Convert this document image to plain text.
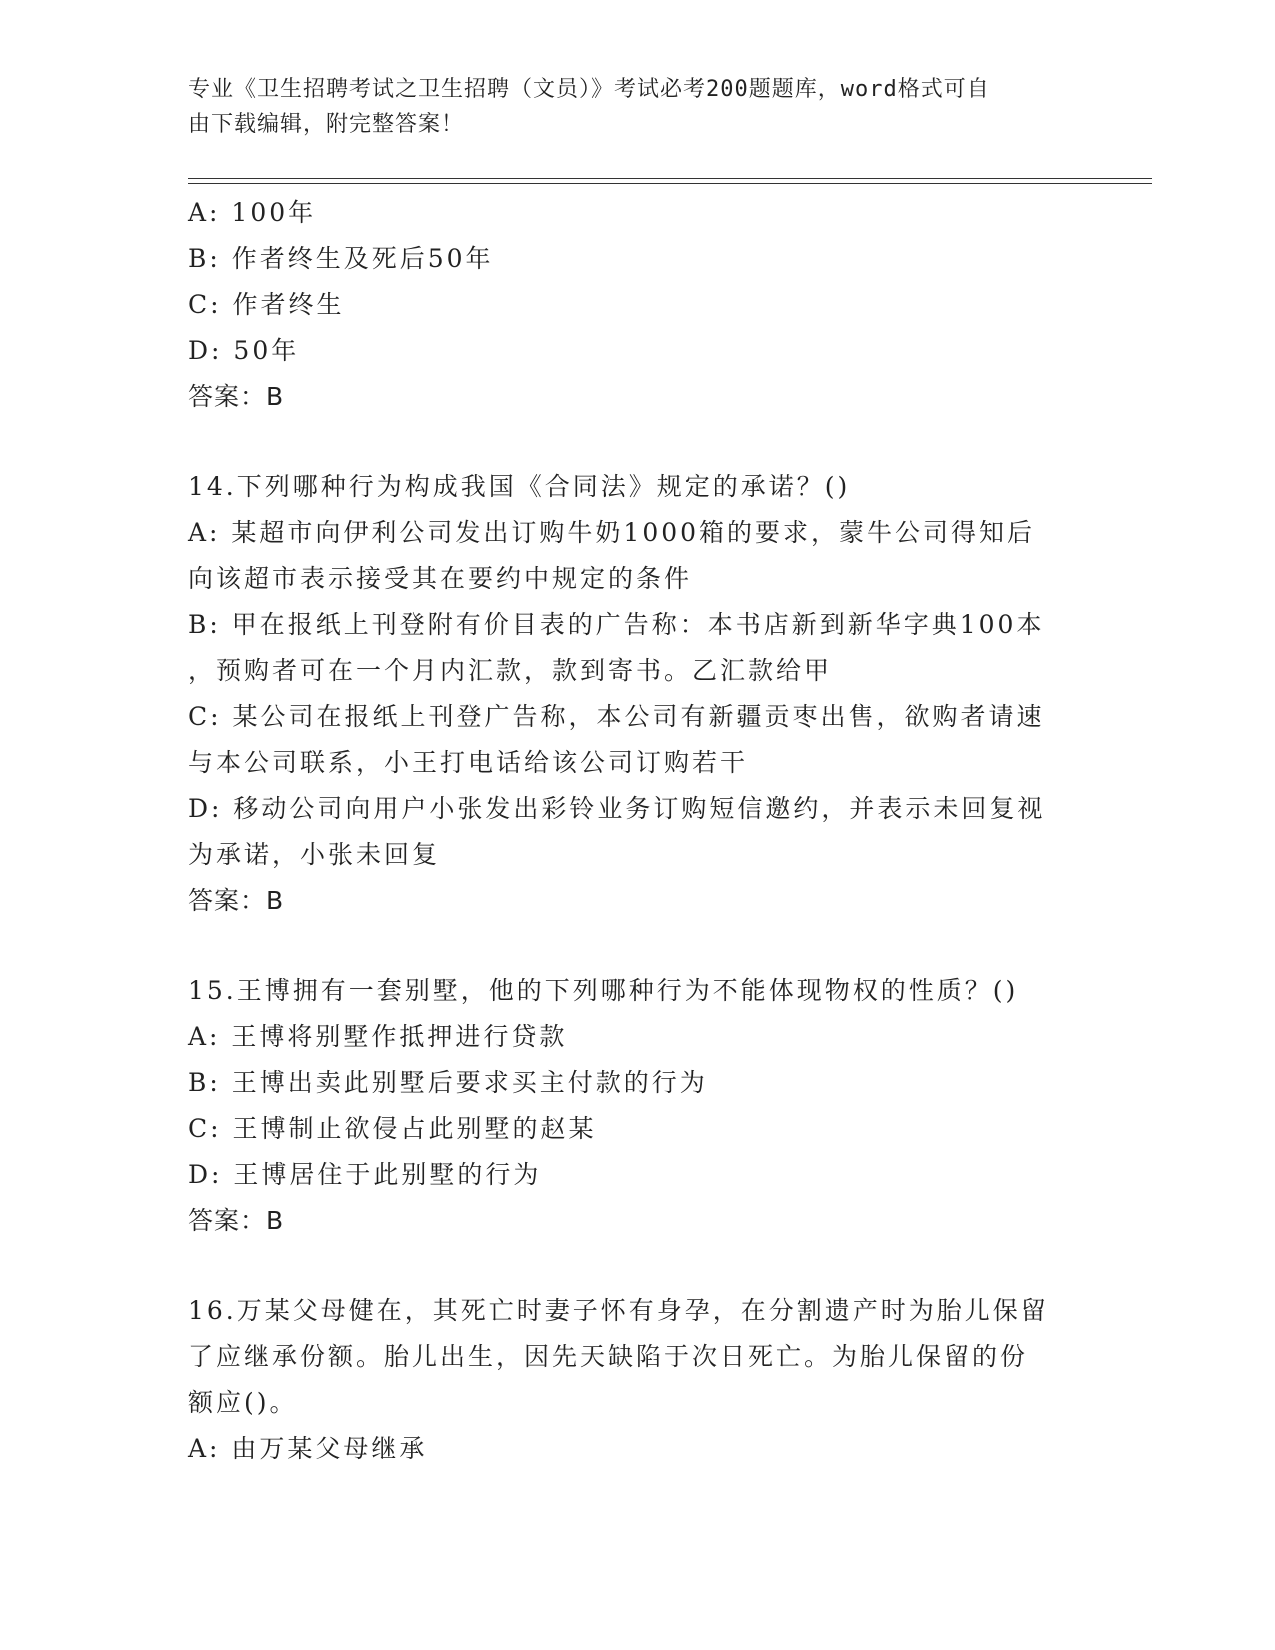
专业《卫生招聘考试之卫生招聘（文员）》考试必考200题题库，word格式可自
由下载编辑，附完整答案！
A: 100年
B: 作者终生及死后50年
C: 作者终生
D: 50年
答案：B
14.下列哪种行为构成我国《合同法》规定的承诺？()
A: 某超市向伊利公司发出订购牛奶1000箱的要求，蒙牛公司得知后
向该超市表示接受其在要约中规定的条件
B: 甲在报纸上刊登附有价目表的广告称：本书店新到新华字典100本
，预购者可在一个月内汇款，款到寄书。乙汇款给甲
C: 某公司在报纸上刊登广告称，本公司有新疆贡枣出售，欲购者请速
与本公司联系，小王打电话给该公司订购若干
D: 移动公司向用户小张发出彩铃业务订购短信邀约，并表示未回复视
为承诺，小张未回复
答案：B
15.王博拥有一套别墅，他的下列哪种行为不能体现物权的性质？()
A: 王博将别墅作抵押进行贷款
B: 王博出卖此别墅后要求买主付款的行为
C: 王博制止欲侵占此别墅的赵某
D: 王博居住于此别墅的行为
答案：B
16.万某父母健在，其死亡时妻子怀有身孕，在分割遗产时为胎儿保留
了应继承份额。胎儿出生，因先天缺陷于次日死亡。为胎儿保留的份
额应()。
A: 由万某父母继承
